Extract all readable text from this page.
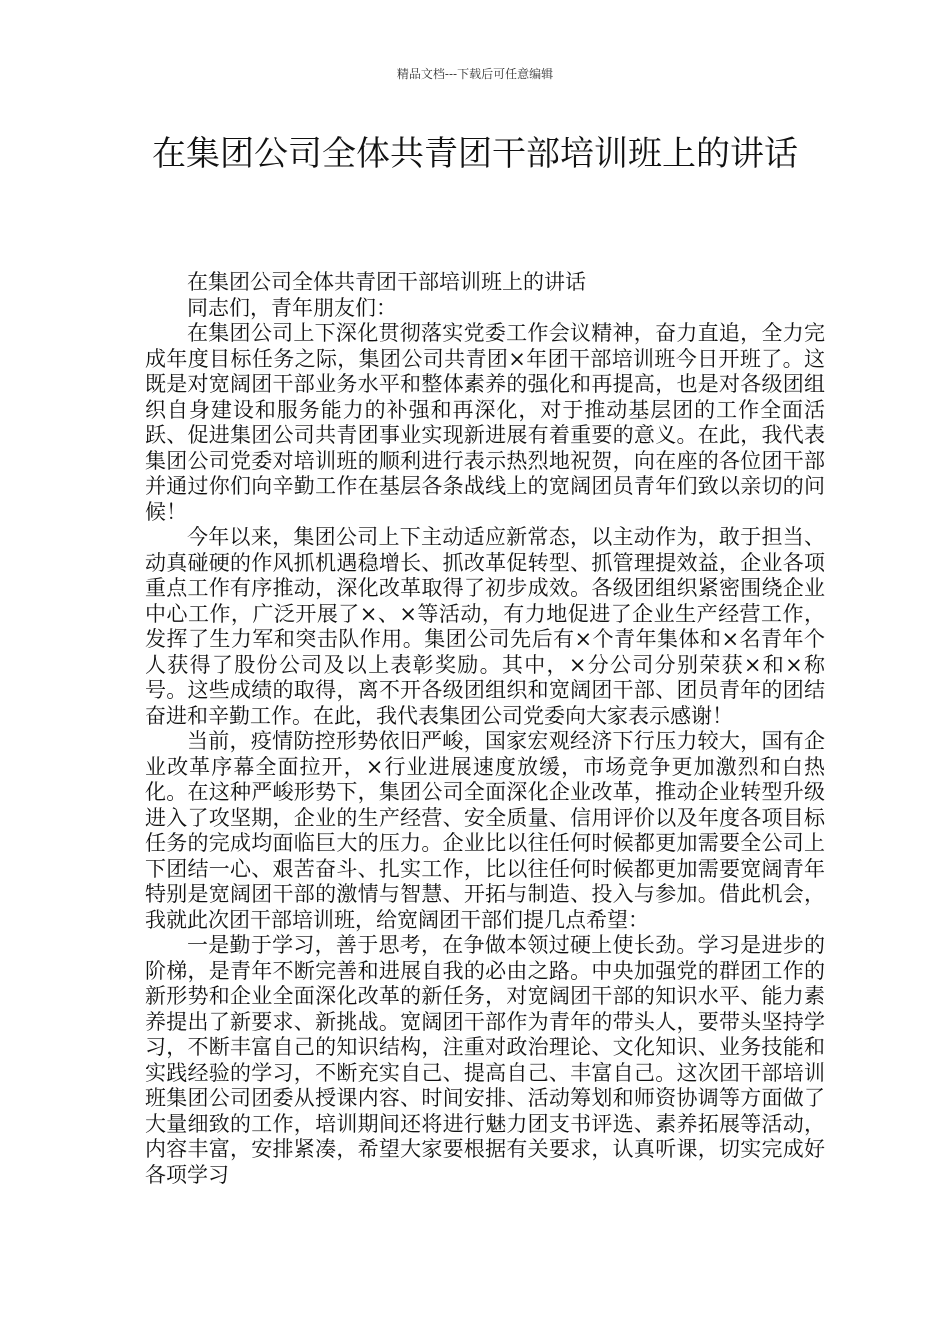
精品文档---下载后可任意编辑
在集团公司全体共青团干部培训班上的讲话

在集团公司全体共青团干部培训班上的讲话

同志们，青年朋友们：

在集团公司上下深化贯彻落实党委工作会议精神，奋力直追，全力完成年度目标任务之际，集团公司共青团×年团干部培训班今日开班了。这既是对宽阔团干部业务水平和整体素养的强化和再提高，也是对各级团组织自身建设和服务能力的补强和再深化，对于推动基层团的工作全面活跃、促进集团公司共青团事业实现新进展有着重要的意义。在此，我代表集团公司党委对培训班的顺利进行表示热烈地祝贺，向在座的各位团干部并通过你们向辛勤工作在基层各条战线上的宽阔团员青年们致以亲切的问候！

今年以来，集团公司上下主动适应新常态，以主动作为，敢于担当、动真碰硬的作风抓机遇稳增长、抓改革促转型、抓管理提效益，企业各项重点工作有序推动，深化改革取得了初步成效。各级团组织紧密围绕企业中心工作，广泛开展了×、×等活动，有力地促进了企业生产经营工作，发挥了生力军和突击队作用。集团公司先后有×个青年集体和×名青年个人获得了股份公司及以上表彰奖励。其中，×分公司分别荣获×和×称号。这些成绩的取得，离不开各级团组织和宽阔团干部、团员青年的团结奋进和辛勤工作。在此，我代表集团公司党委向大家表示感谢！

当前，疫情防控形势依旧严峻，国家宏观经济下行压力较大，国有企业改革序幕全面拉开，×行业进展速度放缓，市场竞争更加激烈和白热化。在这种严峻形势下，集团公司全面深化企业改革，推动企业转型升级进入了攻坚期，企业的生产经营、安全质量、信用评价以及年度各项目标任务的完成均面临巨大的压力。企业比以往任何时候都更加需要全公司上下团结一心、艰苦奋斗、扎实工作，比以往任何时候都更加需要宽阔青年特别是宽阔团干部的激情与智慧、开拓与制造、投入与参加。借此机会，我就此次团干部培训班，给宽阔团干部们提几点希望：

一是勤于学习，善于思考，在争做本领过硬上使长劲。学习是进步的阶梯，是青年不断完善和进展自我的必由之路。中央加强党的群团工作的新形势和企业全面深化改革的新任务，对宽阔团干部的知识水平、能力素养提出了新要求、新挑战。宽阔团干部作为青年的带头人，要带头坚持学习，不断丰富自己的知识结构，注重对政治理论、文化知识、业务技能和实践经验的学习，不断充实自己、提高自己、丰富自己。这次团干部培训班集团公司团委从授课内容、时间安排、活动筹划和师资协调等方面做了大量细致的工作，培训期间还将进行魅力团支书评选、素养拓展等活动，内容丰富，安排紧凑，希望大家要根据有关要求，认真听课，切实完成好各项学习
